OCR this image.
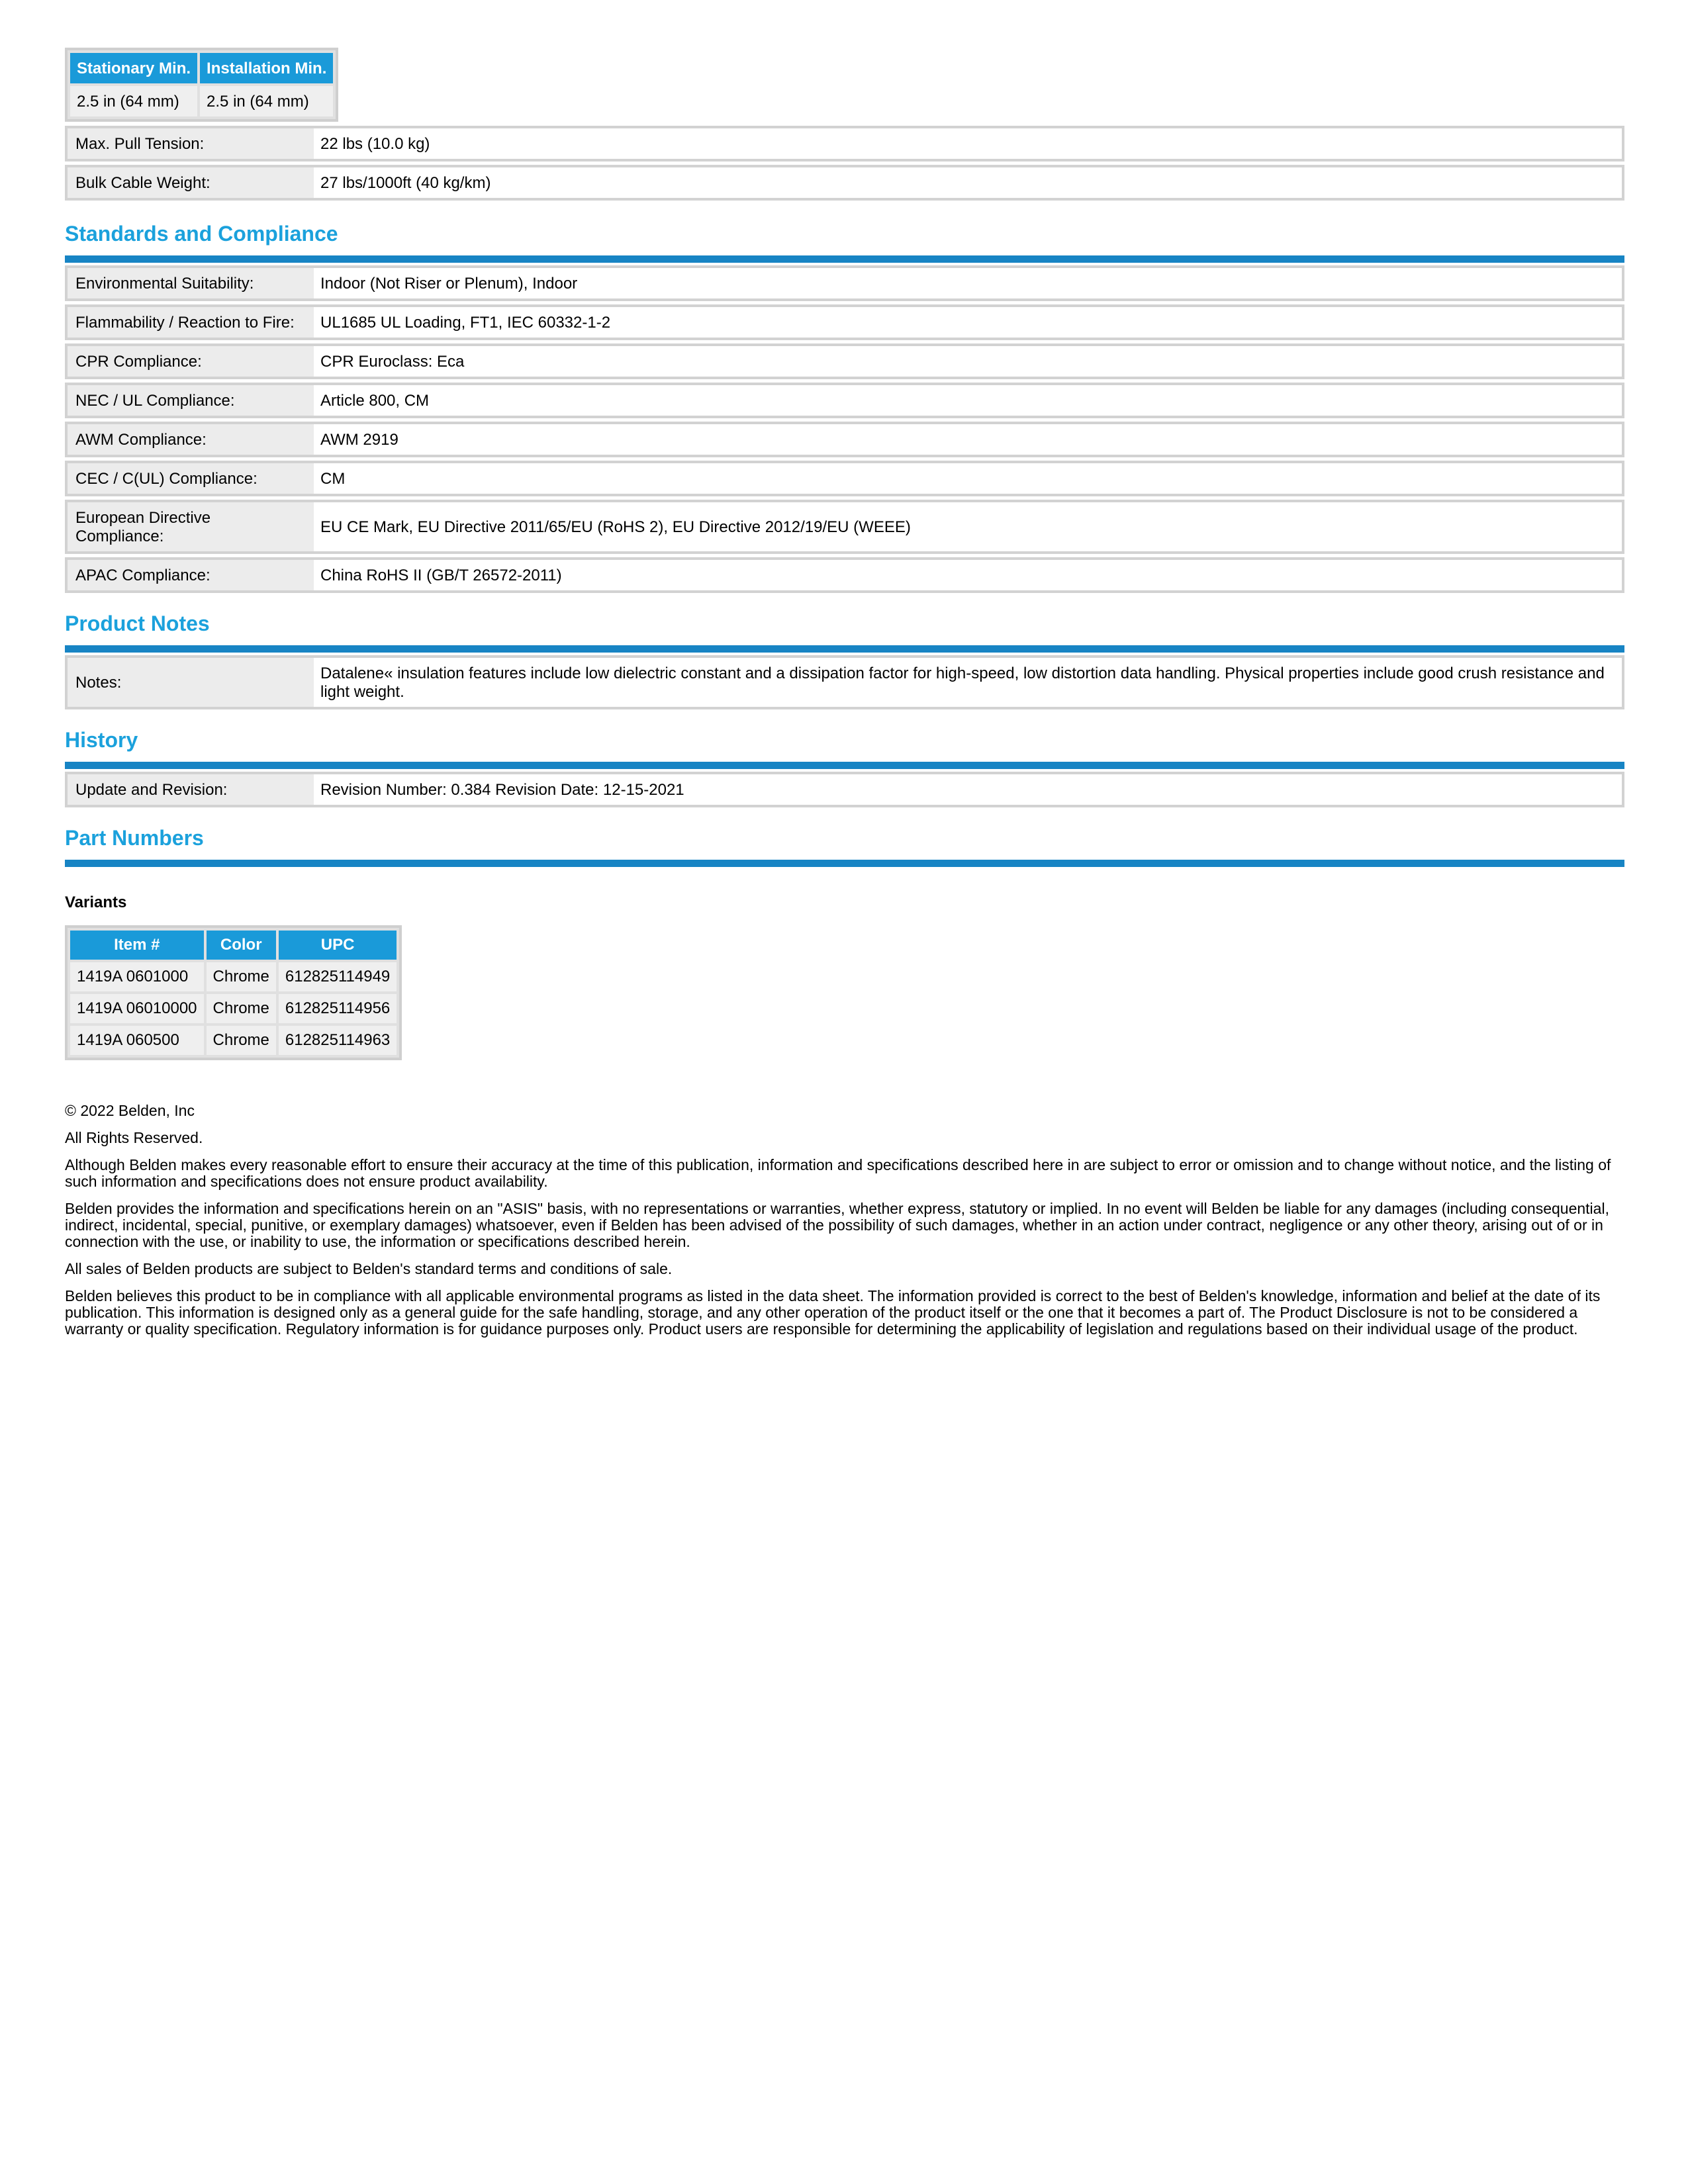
Stationary Min.	Installation Min.
2.5 in (64 mm)	2.5 in (64 mm)
Max. Pull Tension:	22 lbs (10.0 kg)
Bulk Cable Weight:	27 lbs/1000ft (40 kg/km)
Standards and Compliance
Environmental Suitability:	Indoor (Not Riser or Plenum), Indoor
Flammability / Reaction to Fire:	UL1685 UL Loading, FT1, IEC 60332-1-2
CPR Compliance:	CPR Euroclass: Eca
NEC / UL Compliance:	Article 800, CM
AWM Compliance:	AWM 2919
CEC / C(UL) Compliance:	CM
European Directive Compliance:
EU CE Mark, EU Directive 2011/65/EU (RoHS 2), EU Directive 2012/19/EU (WEEE)
APAC Compliance:	China RoHS II (GB/T 26572-2011)
Product Notes
Notes:
Datalene« insulation features include low dielectric constant and a dissipation factor for high-speed, low distortion data handling. Physical properties include good crush resistance and light weight.
History
Update and Revision:	Revision Number: 0.384 Revision Date: 12-15-2021
Part Numbers
Variants
Item #	Color	UPC
1419A 0601000	Chrome	612825114949
1419A 06010000	Chrome	612825114956
1419A 060500	Chrome	612825114963

© 2022 Belden, Inc

All Rights Reserved.

Although Belden makes every reasonable effort to ensure their accuracy at the time of this publication, information and specifications described here in are subject to error or omission and to change without notice, and the listing of such information and specifications does not ensure product availability.

Belden provides the information and specifications herein on an "ASIS" basis, with no representations or warranties, whether express, statutory or implied. In no event will Belden be liable for any damages (including consequential, indirect, incidental, special, punitive, or exemplary damages) whatsoever, even if Belden has been advised of the possibility of such damages, whether in an action under contract, negligence or any other theory, arising out of or in connection with the use, or inability to use, the information or specifications described herein.

All sales of Belden products are subject to Belden's standard terms and conditions of sale.

Belden believes this product to be in compliance with all applicable environmental programs as listed in the data sheet. The information provided is correct to the best of Belden's knowledge, information and belief at the date of its publication. This information is designed only as a general guide for the safe handling, storage, and any other operation of the product itself or the one that it becomes a part of. The Product Disclosure is not to be considered a warranty or quality specification. Regulatory information is for guidance purposes only. Product users are responsible for determining the applicability of legislation and regulations based on their individual usage of the product.
